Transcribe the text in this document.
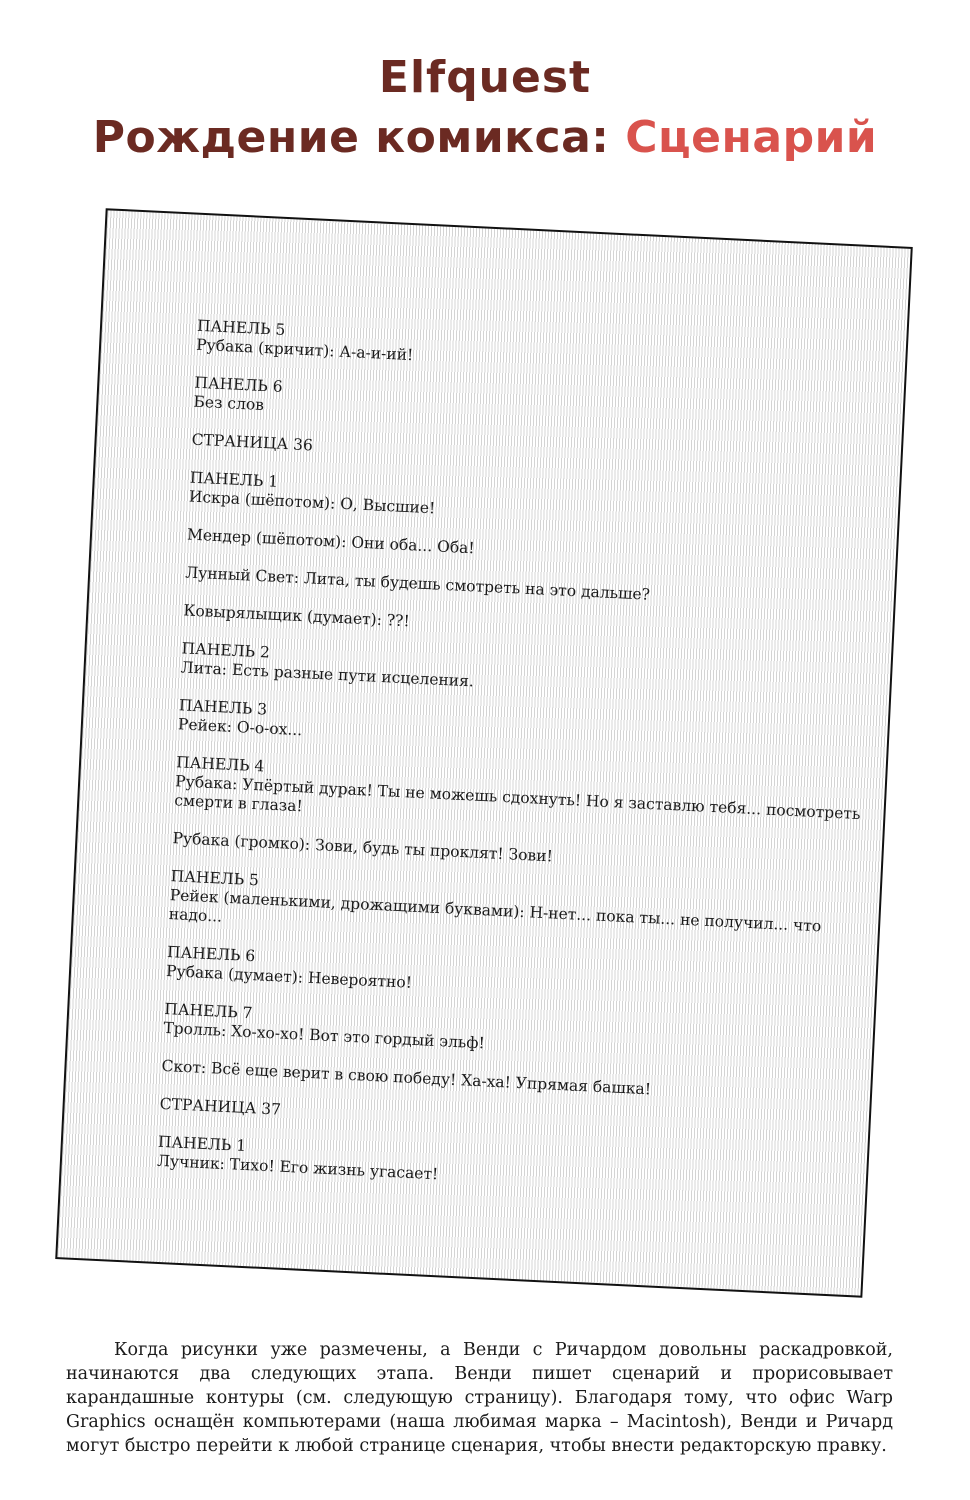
Elfquest
Рождение комикса: Сценарий
ПАНЕЛЬ 5
Рубака (кричит): А-а-и-ий!
ПАНЕЛЬ 6
Без слов
СТРАНИЦА 36
ПАНЕЛЬ 1
Искра (шёпотом): О, Высшие!
Мендер (шёпотом): Они оба... Оба!
Лунный Свет: Лита, ты будешь смотреть на это дальше?
Ковырялыщик (думает): ??!
ПАНЕЛЬ 2
Лита: Есть разные пути исцеления.
ПАНЕЛЬ 3
Рейек: О-о-ох...
ПАНЕЛЬ 4
Рубака: Упёртый дурак! Ты не можешь сдохнуть! Но я заставлю тебя... посмотреть смерти в глаза!
Рубака (громко): Зови, будь ты проклят! Зови!
ПАНЕЛЬ 5
Рейек (маленькими, дрожащими буквами): Н-нет... пока ты... не получил... что надо...
ПАНЕЛЬ 6
Рубака (думает): Невероятно!
ПАНЕЛЬ 7
Тролль: Хо-хо-хо! Вот это гордый эльф!
Скот: Всё еще верит в свою победу! Ха-ха! Упрямая башка!
СТРАНИЦА 37
ПАНЕЛЬ 1
Лучник: Тихо! Его жизнь угасает!
Когда рисунки уже размечены, а Венди с Ричардом довольны раскадровкой, начинаются два следующих этапа. Венди пишет сценарий и прорисовывает карандашные контуры (см. следующую страницу). Благодаря тому, что офис Warp Graphics оснащён компьютерами (наша любимая марка – Macintosh), Венди и Ричард могут быстро перейти к любой странице сценария, чтобы внести редакторскую правку.
